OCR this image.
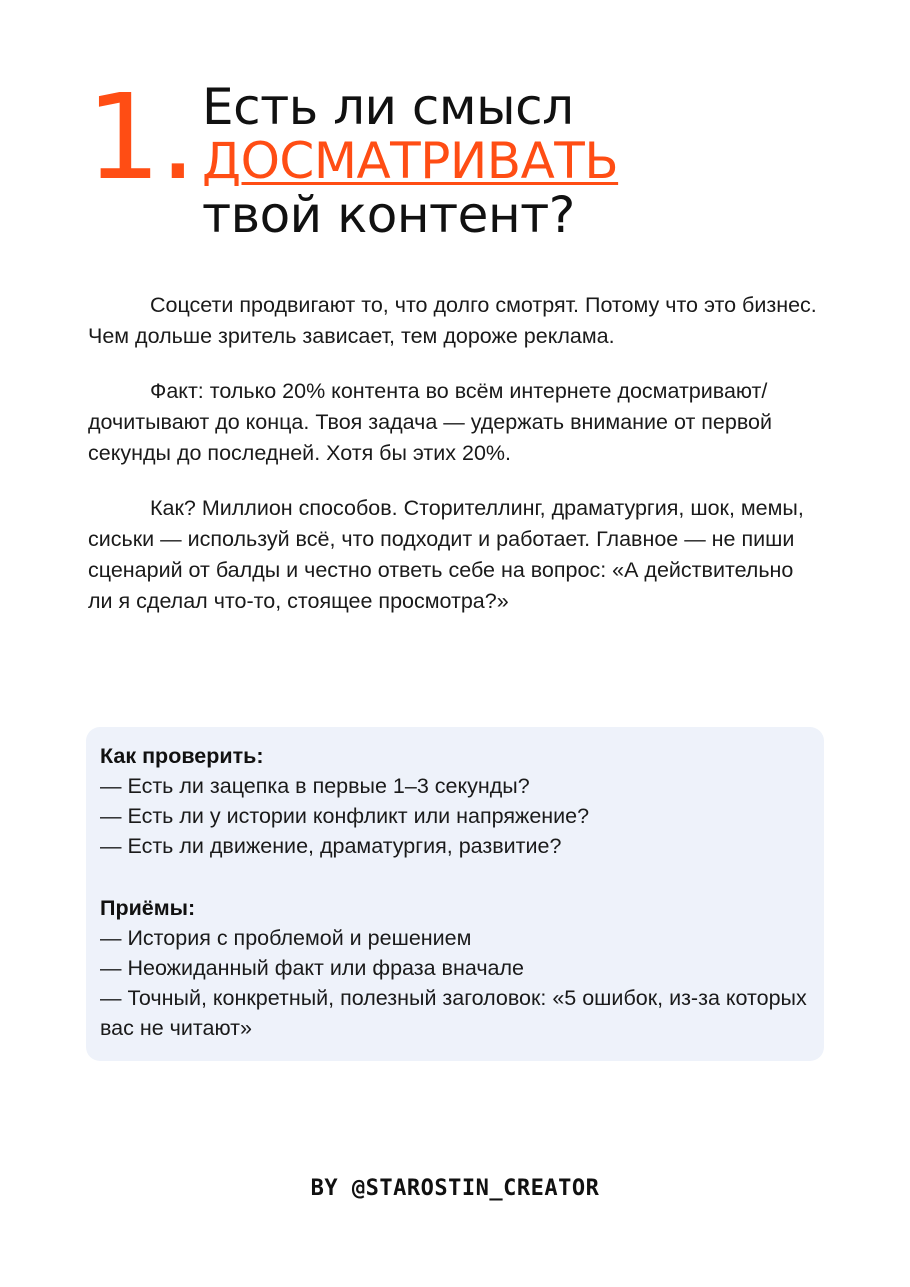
1. Есть ли смысл
ДОСМАТРИВАТЬ
твой контент?

Соцсети продвигают то, что долго смотрят. Потому что это бизнес. Чем дольше зритель зависает, тем дороже реклама.

Факт: только 20% контента во всём интернете досматривают/дочитывают до конца. Твоя задача — удержать внимание от первой секунды до последней. Хотя бы этих 20%.

Как? Миллион способов. Сторителлинг, драматургия, шок, мемы, сиськи — используй всё, что подходит и работает. Главное — не пиши сценарий от балды и честно ответь себе на вопрос: «А действительно ли я сделал что-то, стоящее просмотра?»

Как проверить:
— Есть ли зацепка в первые 1–3 секунды?
— Есть ли у истории конфликт или напряжение?
— Есть ли движение, драматургия, развитие?
Приёмы:
— История с проблемой и решением
— Неожиданный факт или фраза вначале
— Точный, конкретный, полезный заголовок: «5 ошибок, из-за которых вас не читают»
BY @STAROSTIN_CREATOR
